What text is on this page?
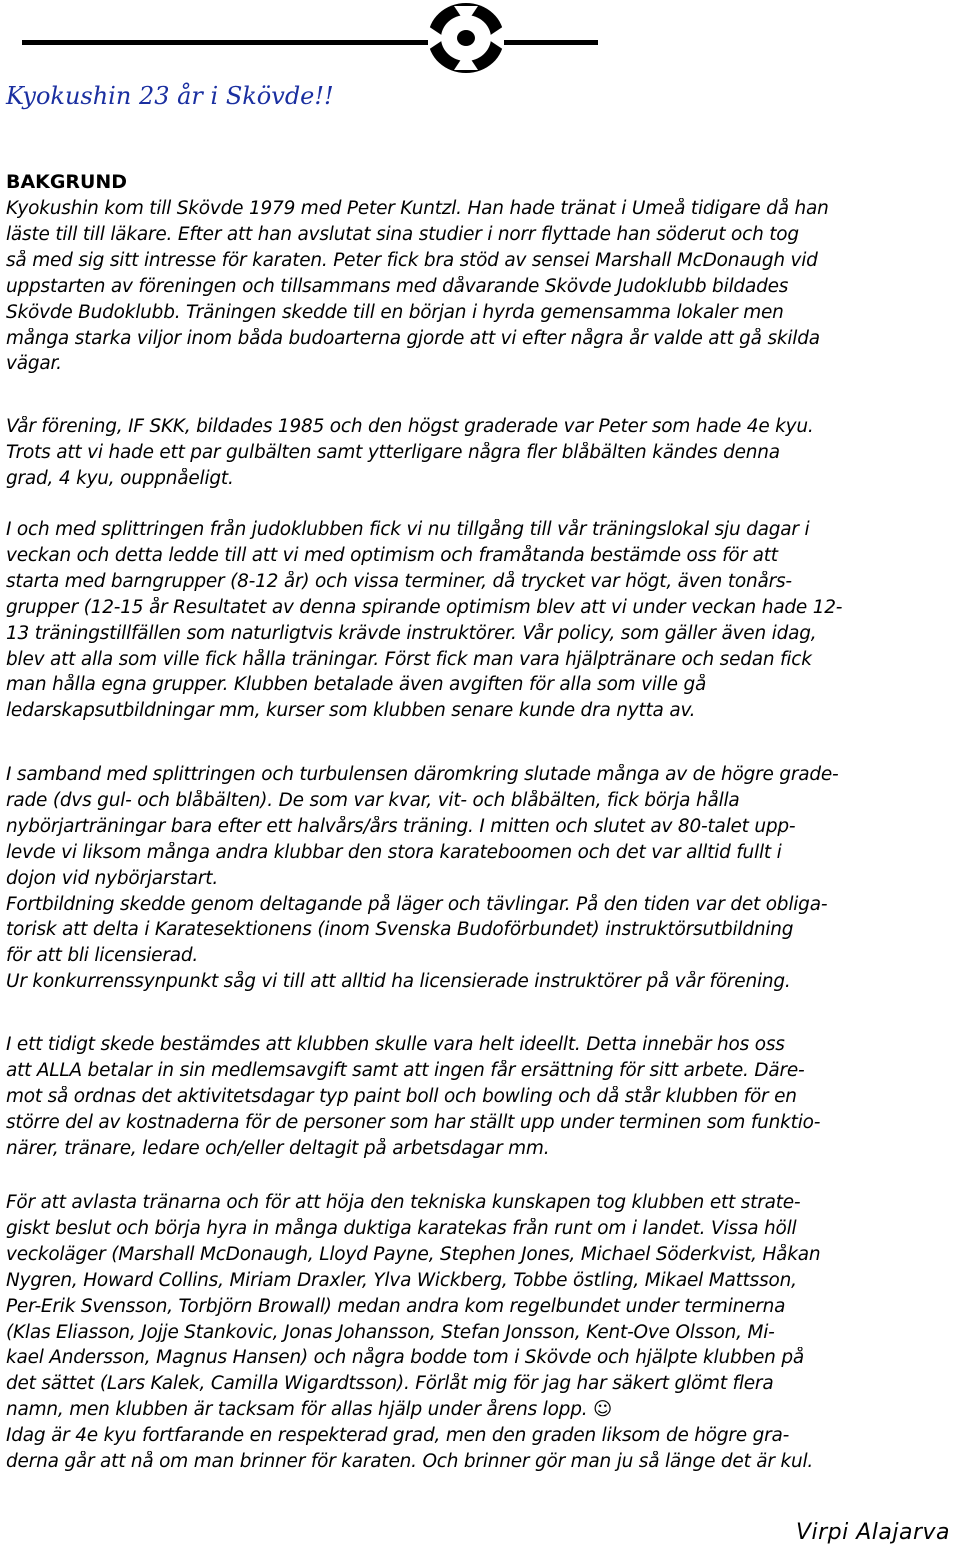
Kyokushin 23 år i Skövde!!

BAKGRUND

Kyokushin kom till Skövde 1979 med Peter Kuntzl. Han hade tränat i Umeå tidigare då han
läste till till läkare. Efter att han avslutat sina studier i norr flyttade han söderut och tog
så med sig sitt intresse för karaten. Peter fick bra stöd av sensei Marshall McDonaugh vid
uppstarten av föreningen och tillsammans med dåvarande Skövde Judoklubb bildades
Skövde Budoklubb. Träningen skedde till en början i hyrda gemensamma lokaler men
många starka viljor inom båda budoarterna gjorde att vi efter några år valde att gå skilda
vägar.

Vår förening, IF SKK, bildades 1985 och den högst graderade var Peter som hade 4e kyu.
Trots att vi hade ett par gulbälten samt ytterligare några fler blåbälten kändes denna
grad, 4 kyu, ouppnåeligt.

I och med splittringen från judoklubben fick vi nu tillgång till vår träningslokal sju dagar i
veckan och detta ledde till att vi med optimism och framåtanda bestämde oss för att
starta med barngrupper (8-12 år) och vissa terminer, då trycket var högt, även tonårs-
grupper (12-15 år Resultatet av denna spirande optimism blev att vi under veckan hade 12-
13 träningstillfällen som naturligtvis krävde instruktörer. Vår policy, som gäller även idag,
blev att alla som ville fick hålla träningar. Först fick man vara hjälptränare och sedan fick
man hålla egna grupper. Klubben betalade även avgiften för alla som ville gå
ledarskapsutbildningar mm, kurser som klubben senare kunde dra nytta av.

I samband med splittringen och turbulensen däromkring slutade många av de högre grade-
rade (dvs gul- och blåbälten). De som var kvar, vit- och blåbälten, fick börja hålla
nybörjarträningar bara efter ett halvårs/års träning. I mitten och slutet av 80-talet upp-
levde vi liksom många andra klubbar den stora karateboomen och det var alltid fullt i
dojon vid nybörjarstart.
Fortbildning skedde genom deltagande på läger och tävlingar. På den tiden var det obliga-
torisk att delta i Karatesektionens (inom Svenska Budoförbundet) instruktörsutbildning
för att bli licensierad.
Ur konkurrenssynpunkt såg vi till att alltid ha licensierade instruktörer på vår förening.

I ett tidigt skede bestämdes att klubben skulle vara helt ideellt. Detta innebär hos oss
att ALLA betalar in sin medlemsavgift samt att ingen får ersättning för sitt arbete. Däre-
mot så ordnas det aktivitetsdagar typ paint boll och bowling och då står klubben för en
större del av kostnaderna för de personer som har ställt upp under terminen som funktio-
närer, tränare, ledare och/eller deltagit på arbetsdagar mm.

För att avlasta tränarna och för att höja den tekniska kunskapen tog klubben ett strate-
giskt beslut och börja hyra in många duktiga karatekas från runt om i landet. Vissa höll
veckoläger (Marshall McDonaugh, Lloyd Payne, Stephen Jones, Michael Söderkvist, Håkan
Nygren, Howard Collins, Miriam Draxler, Ylva Wickberg, Tobbe östling, Mikael Mattsson,
Per-Erik Svensson, Torbjörn Browall) medan andra kom regelbundet under terminerna
(Klas Eliasson, Jojje Stankovic, Jonas Johansson, Stefan Jonsson, Kent-Ove Olsson, Mi-
kael Andersson, Magnus Hansen) och några bodde tom i Skövde och hjälpte klubben på
det sättet (Lars Kalek, Camilla Wigardtsson). Förlåt mig för jag har säkert glömt flera
namn, men klubben är tacksam för allas hjälp under årens lopp. ☺
Idag är 4e kyu fortfarande en respekterad grad, men den graden liksom de högre gra-
derna går att nå om man brinner för karaten. Och brinner gör man ju så länge det är kul.

Virpi Alajarva
